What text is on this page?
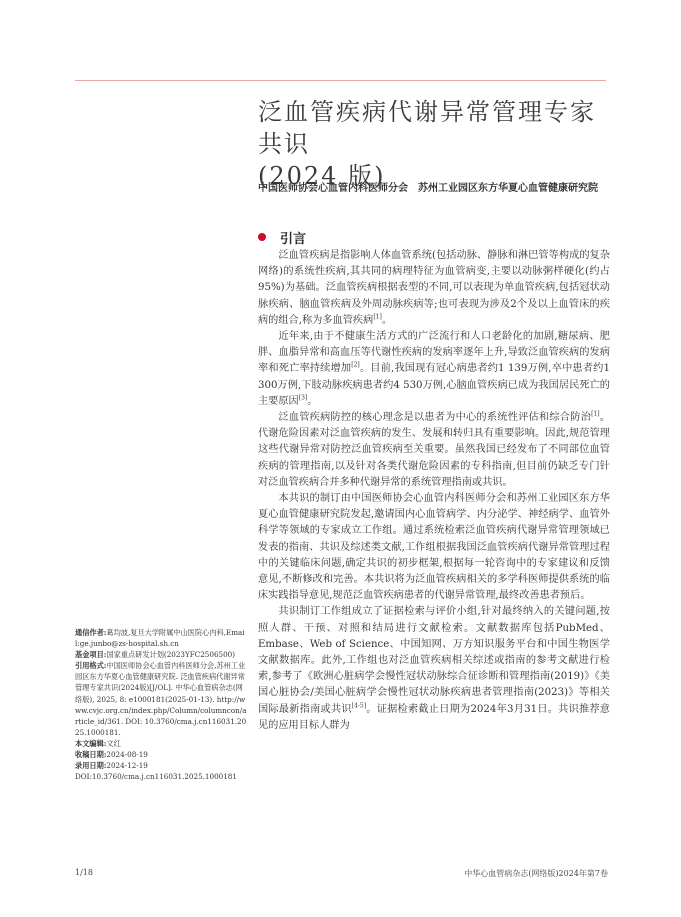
泛血管疾病代谢异常管理专家共识
(2024 版)
中国医师协会心血管内科医师分会　苏州工业园区东方华夏心血管健康研究院
引言

泛血管疾病是指影响人体血管系统(包括动脉、静脉和淋巴管等构成的复杂网络)的系统性疾病,其共同的病理特征为血管病变,主要以动脉粥样硬化(约占95%)为基础。泛血管疾病根据表型的不同,可以表现为单血管疾病,包括冠状动脉疾病、脑血管疾病及外周动脉疾病等;也可表现为涉及2个及以上血管床的疾病的组合,称为多血管疾病[1]。

近年来,由于不健康生活方式的广泛流行和人口老龄化的加剧,糖尿病、肥胖、血脂异常和高血压等代谢性疾病的发病率逐年上升,导致泛血管疾病的发病率和死亡率持续增加[2]。目前,我国现有冠心病患者约1 139万例,卒中患者约1 300万例,下肢动脉疾病患者约4 530万例,心脑血管疾病已成为我国居民死亡的主要原因[3]。

泛血管疾病防控的核心理念是以患者为中心的系统性评估和综合防治[1]。代谢危险因素对泛血管疾病的发生、发展和转归具有重要影响。因此,规范管理这些代谢异常对防控泛血管疾病至关重要。虽然我国已经发布了不同部位血管疾病的管理指南,以及针对各类代谢危险因素的专科指南,但目前仍缺乏专门针对泛血管疾病合并多种代谢异常的系统管理指南或共识。

本共识的制订由中国医师协会心血管内科医师分会和苏州工业园区东方华夏心血管健康研究院发起,邀请国内心血管病学、内分泌学、神经病学、血管外科学等领域的专家成立工作组。通过系统检索泛血管疾病代谢异常管理领域已发表的指南、共识及综述类文献,工作组根据我国泛血管疾病代谢异常管理过程中的关键临床问题,确定共识的初步框架,根据每一轮咨询中的专家建议和反馈意见,不断修改和完善。本共识将为泛血管疾病相关的多学科医师提供系统的临床实践指导意见,规范泛血管疾病患者的代谢异常管理,最终改善患者预后。

共识制订工作组成立了证据检索与评价小组,针对最终纳入的关键问题,按照人群、干预、对照和结局进行文献检索。文献数据库包括PubMed、Embase、Web of Science、中国知网、万方知识服务平台和中国生物医学文献数据库。此外,工作组也对泛血管疾病相关综述或指南的参考文献进行检索,参考了《欧洲心脏病学会慢性冠状动脉综合征诊断和管理指南(2019)》《美国心脏协会/美国心脏病学会慢性冠状动脉疾病患者管理指南(2023)》等相关国际最新指南或共识[4-5]。证据检索截止日期为2024年3月31日。共识推荐意见的应用目标人群为

通信作者:葛均波,复旦大学附属中山医院心内科,Email:ge.junbo@zs-hospital.sh.cn
基金项目:国家重点研发计划(2023YFC2506500)
引用格式:中国医师协会心血管内科医师分会,苏州工业园区东方华夏心血管健康研究院. 泛血管疾病代谢异常管理专家共识(2024版)[J/OL]. 中华心血管病杂志(网络版), 2025, 8: e1000181(2025-01-13). http://www.cvjc.org.cn/index.php/Column/columncon/article_id/361. DOI: 10.3760/cma.j.cn116031.2025.1000181.
本文编辑:文红
收稿日期:2024-08-19
录用日期:2024-12-19
DOI:10.3760/cma.j.cn116031.2025.1000181
1/18	中华心血管病杂志(网络版)2024年第7卷
